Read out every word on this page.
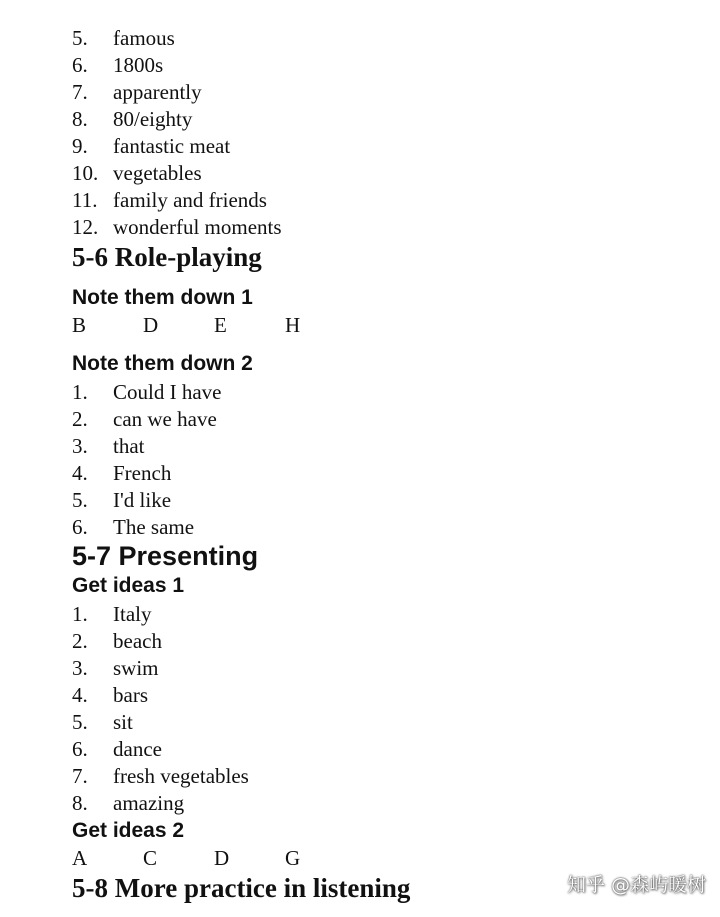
5. famous
6. 1800s
7. apparently
8. 80/eighty
9. fantastic meat
10. vegetables
11. family and friends
12. wonderful moments
5-6 Role-playing
Note them down 1
B	D	E	H
Note them down 2
1. Could I have
2. can we have
3. that
4. French
5. I'd like
6. The same
5-7 Presenting
Get ideas 1
1. Italy
2. beach
3. swim
4. bars
5. sit
6. dance
7. fresh vegetables
8. amazing
Get ideas 2
A	C	D	G
5-8 More practice in listening	知乎 @森屿暖树
